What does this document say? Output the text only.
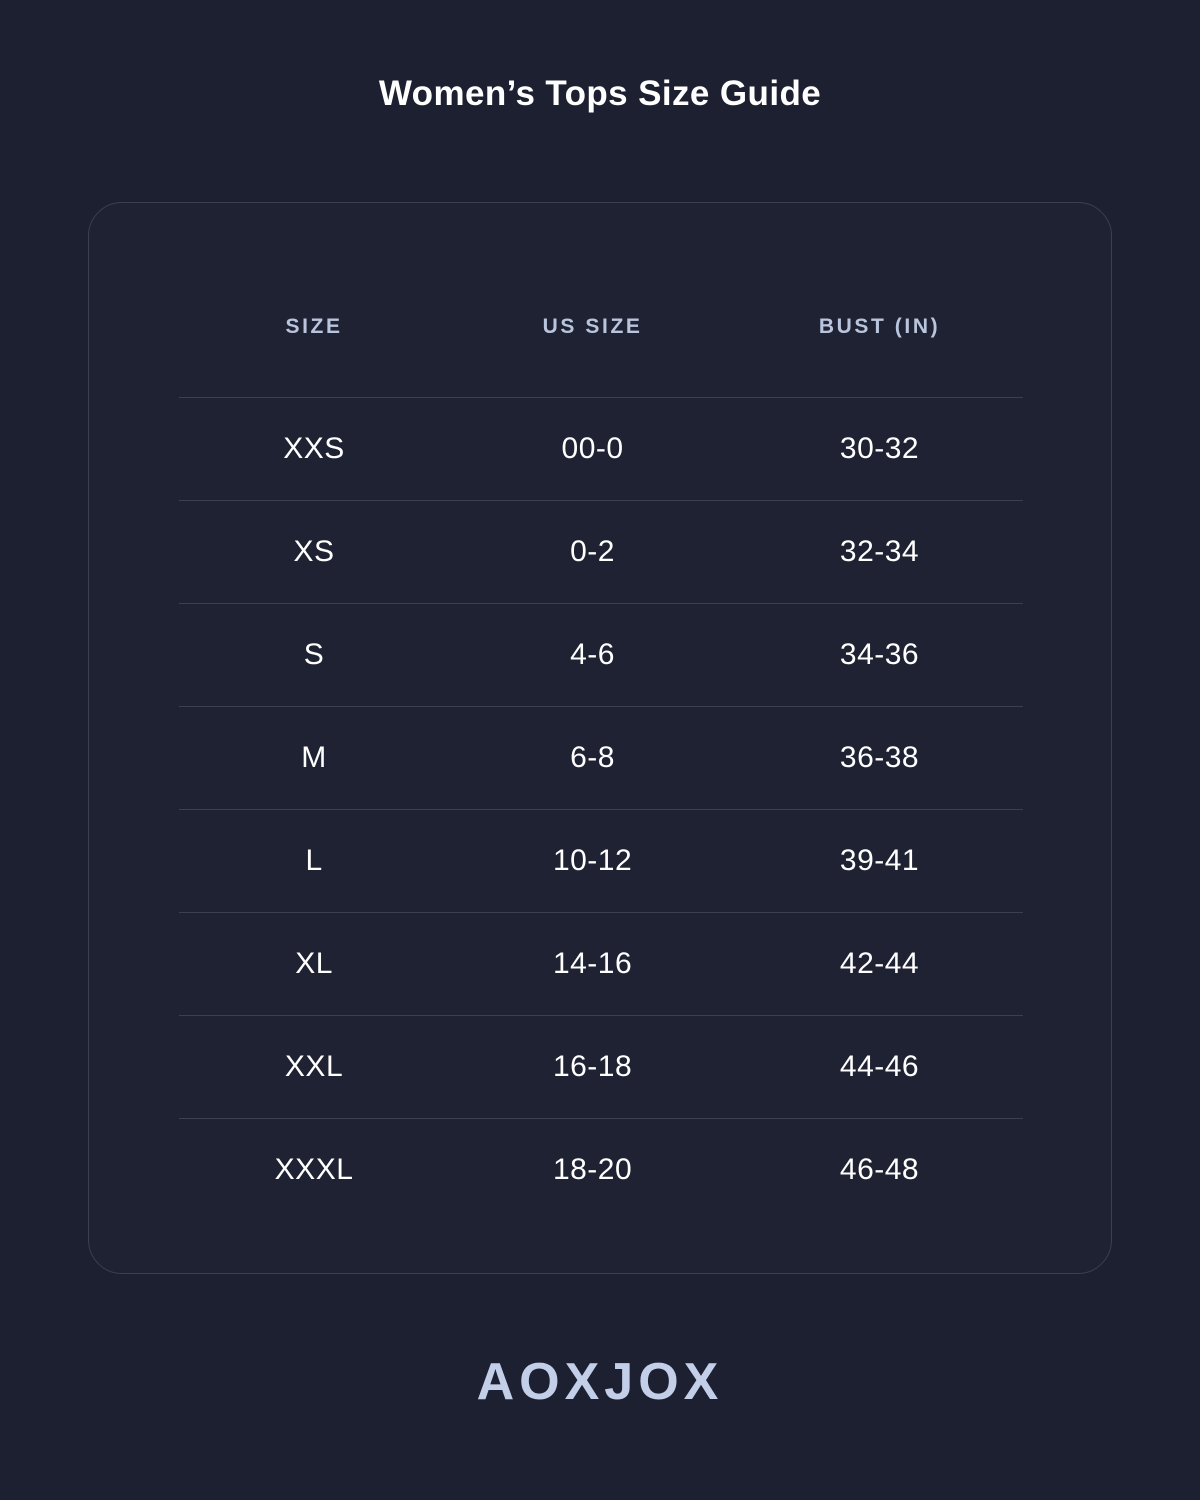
Women’s Tops Size Guide
SIZE	US SIZE	BUST (IN)
XXS	00-0	30-32
XS	0-2	32-34
S	4-6	34-36
M	6-8	36-38
L	10-12	39-41
XL	14-16	42-44
XXL	16-18	44-46
XXXL	18-20	46-48
AOXJOX
